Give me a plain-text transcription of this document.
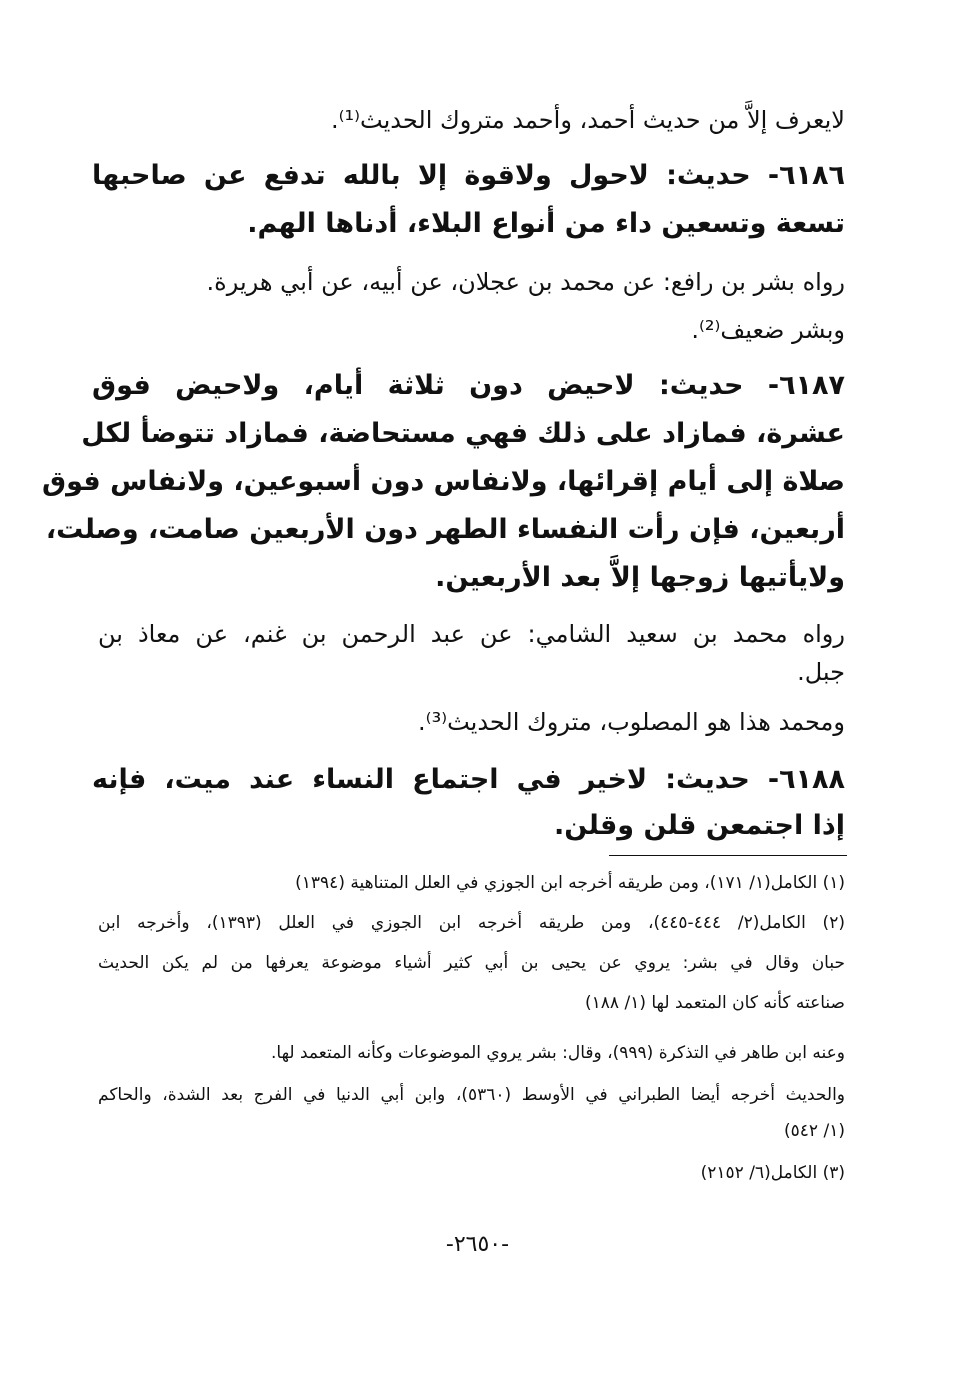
لايعرف إلاَّ من حديث أحمد، وأحمد متروك الحديث⁽¹⁾.
٦١٨٦- حديث: لاحول ولاقوة إلا بالله تدفع عن صاحبها
تسعة وتسعين داء من أنواع البلاء، أدناها الهم.
رواه بشر بن رافع: عن محمد بن عجلان، عن أبيه، عن أبي هريرة.
وبشر ضعيف⁽²⁾.
٦١٨٧- حديث: لاحيض دون ثلاثة أيام، ولاحيض فوق
عشرة، فمازاد على ذلك فهي مستحاضة، فمازاد تتوضأ لكل
صلاة إلى أيام إقرائها، ولانفاس دون أسبوعين، ولانفاس فوق
أربعين، فإن رأت النفساء الطهر دون الأربعين صامت، وصلت،
ولايأتيها زوجها إلاَّ بعد الأربعين.
رواه محمد بن سعيد الشامي: عن عبد الرحمن بن غنم، عن معاذ بن
جبل.
ومحمد هذا هو المصلوب، متروك الحديث⁽³⁾.
٦١٨٨- حديث: لاخير في اجتماع النساء عند ميت، فإنه
إذا اجتمعن قلن وقلن.
(١) الكامل(١/ ١٧١)، ومن طريقه أخرجه ابن الجوزي في العلل المتناهية (١٣٩٤)
(٢) الكامل(٢/ ٤٤٤-٤٤٥)، ومن طريقه أخرجه ابن الجوزي في العلل (١٣٩٣)، وأخرجه ابن
حبان وقال في بشر: يروي عن يحيى بن أبي كثير أشياء موضوعة يعرفها من لم يكن الحديث
صناعته كأنه كان المتعمد لها (١/ ١٨٨)
وعنه ابن طاهر في التذكرة (٩٩٩)، وقال: بشر يروي الموضوعات وكأنه المتعمد لها.
والحديث أخرجه أيضا الطبراني في الأوسط (٥٣٦٠)، وابن أبي الدنيا في الفرج بعد الشدة، والحاكم
(١/ ٥٤٢)
(٣) الكامل(٦/ ٢١٥٢)
-٢٦٥٠-
